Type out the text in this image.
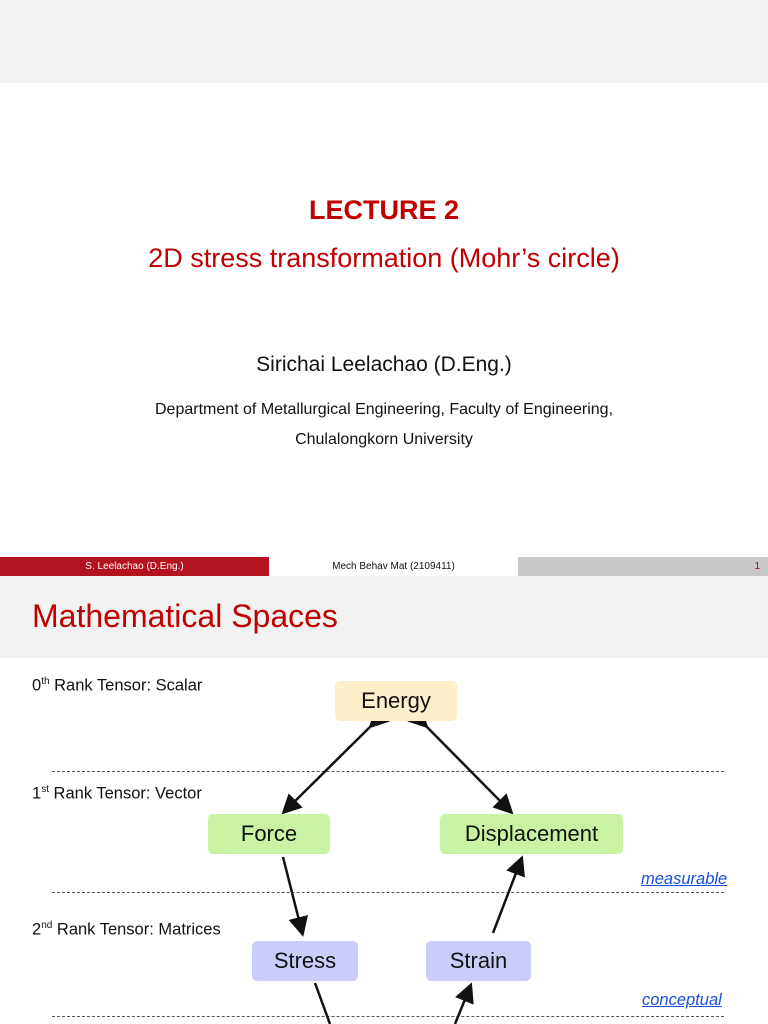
LECTURE 2
2D stress transformation (Mohr’s circle)
Sirichai Leelachao (D.Eng.)
Department of Metallurgical Engineering, Faculty of Engineering,
Chulalongkorn University
S. Leelachao (D.Eng.)	Mech Behav Mat (2109411)	1
Mathematical Spaces
0th Rank Tensor: Scalar
1st Rank Tensor: Vector
2nd Rank Tensor: Matrices
measurable
conceptual
Energy
Force	Displacement
Stress	Strain
